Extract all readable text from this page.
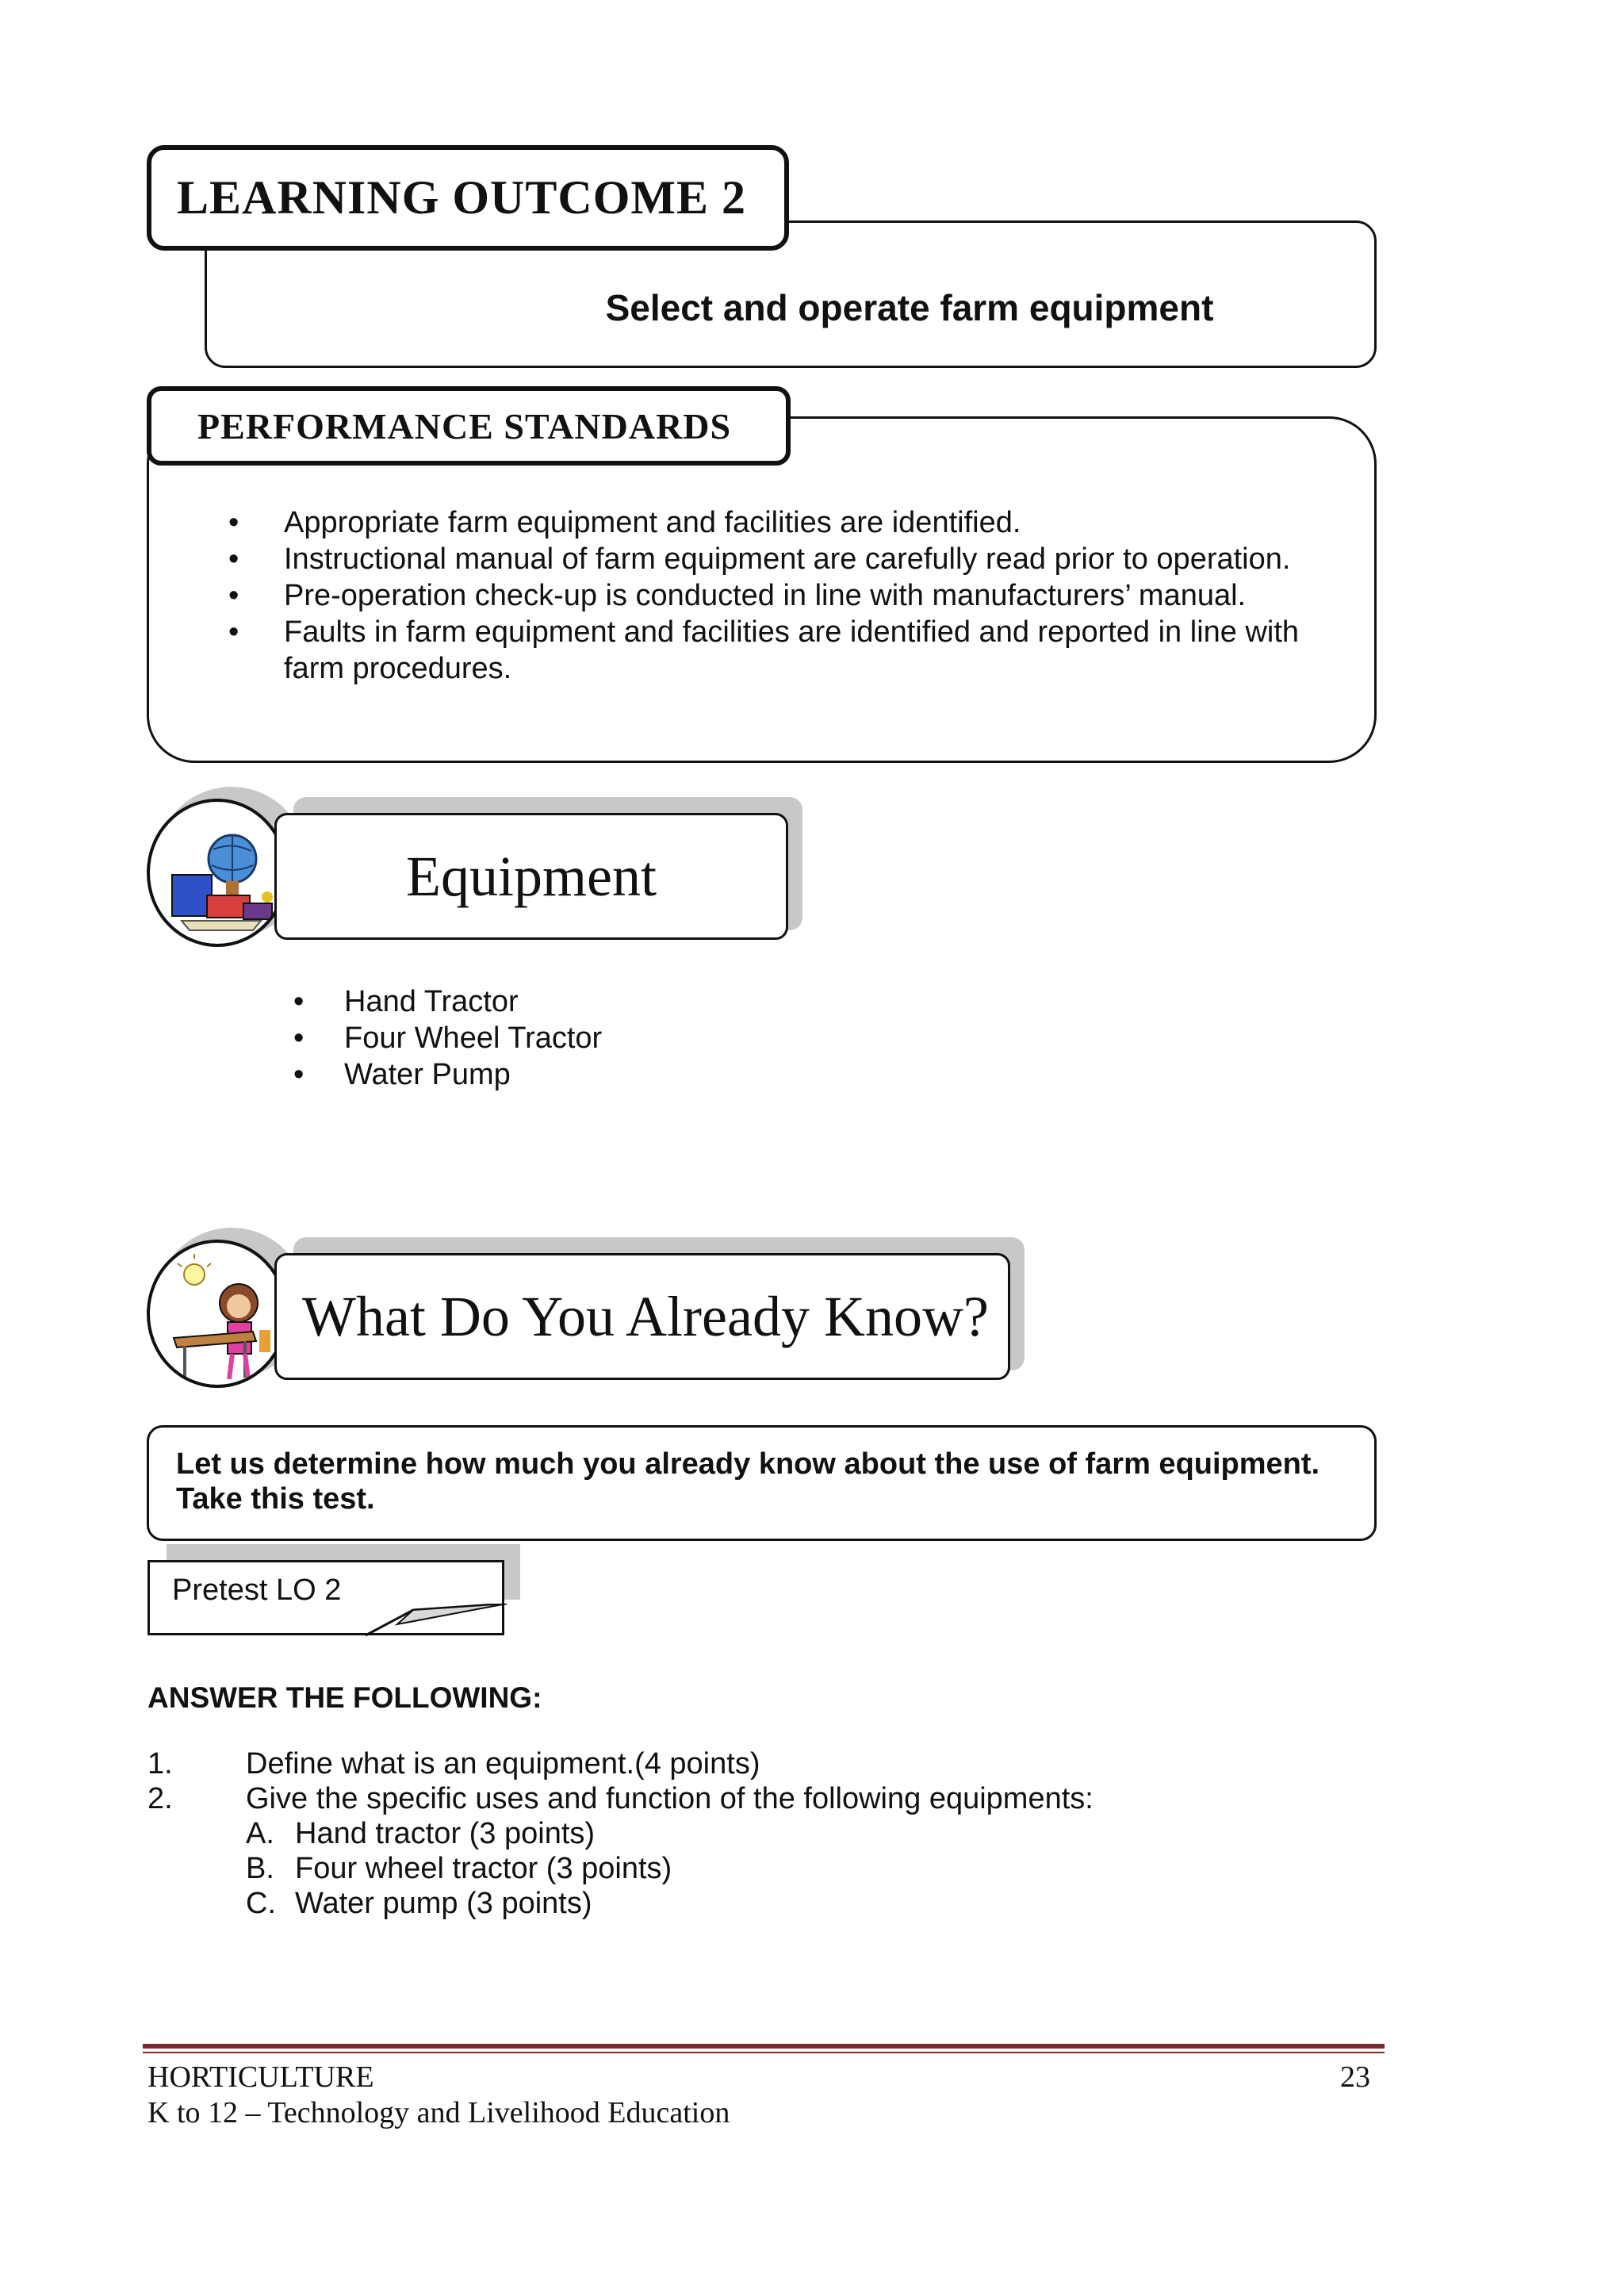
Select and operate farm equipment
LEARNING OUTCOME 2
• Appropriate farm equipment and facilities are identified.
• Instructional manual of farm equipment are carefully read prior to operation.
• Pre-operation check-up is conducted in line with manufacturers’ manual.
• Faults in farm equipment and facilities are identified and reported in line with farm procedures.
PERFORMANCE STANDARDS
Equipment
• Hand Tractor
• Four Wheel Tractor
• Water Pump
What Do You Already Know?
Let us determine how much you already know about the use of farm equipment. Take this test.
Pretest LO 2
ANSWER THE FOLLOWING:
1. Define what is an equipment.(4 points)
2. Give the specific uses and function of the following equipments:
A. Hand tractor (3 points)
B. Four wheel tractor (3 points)
C. Water pump (3 points)
HORTICULTURE	23
K to 12 – Technology and Livelihood Education
